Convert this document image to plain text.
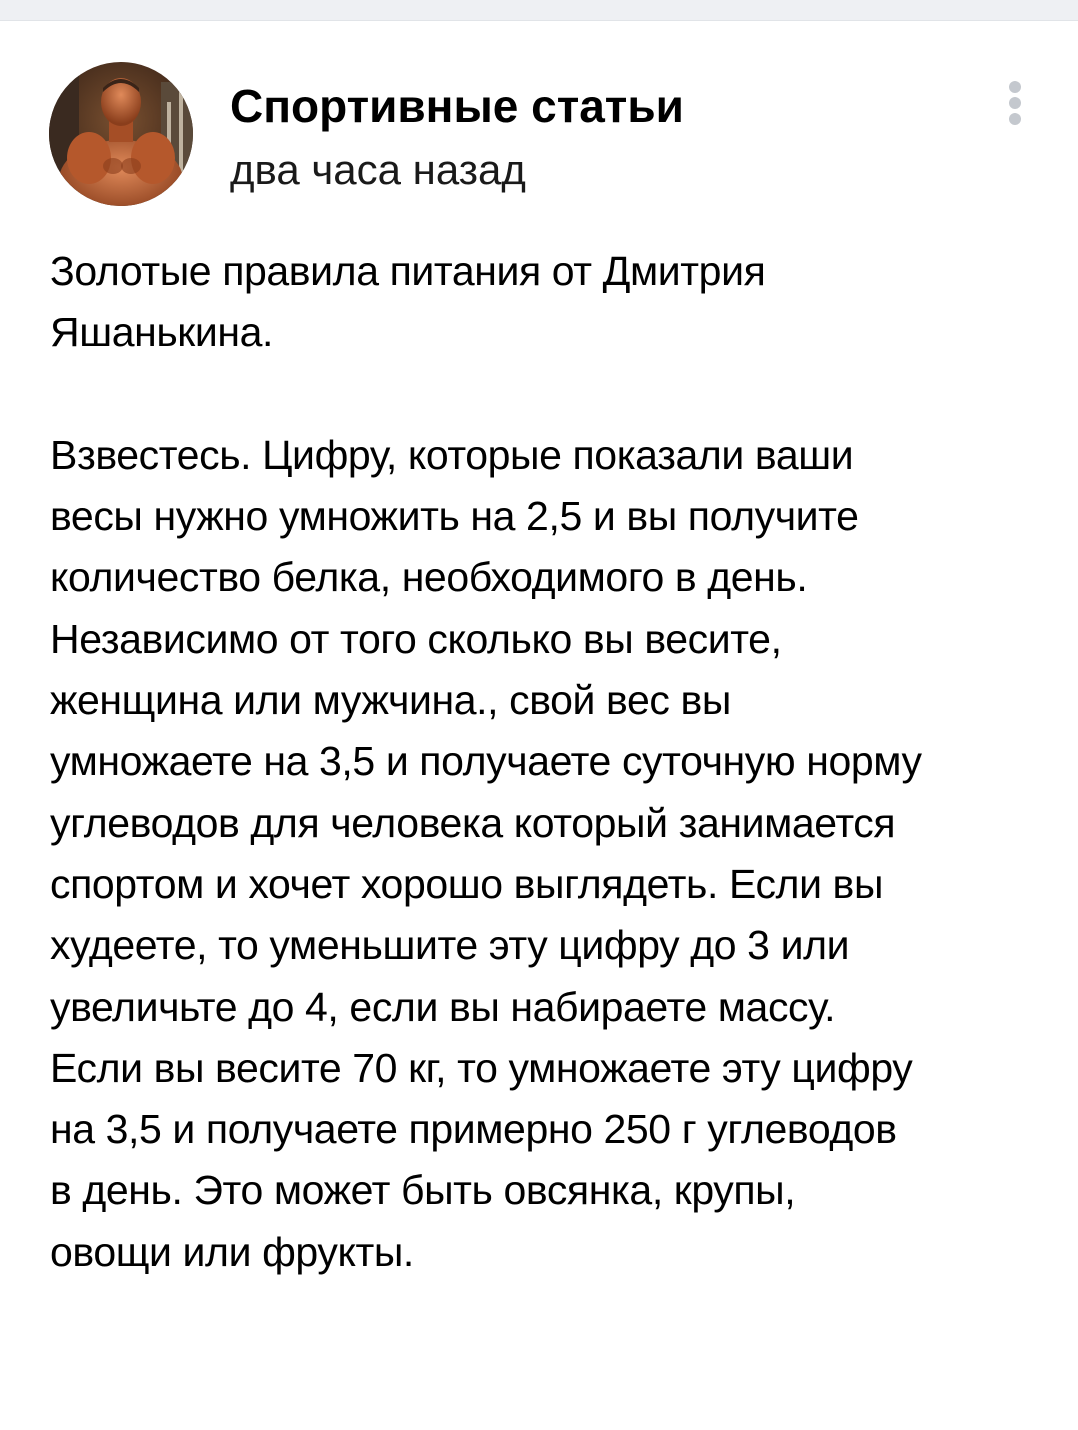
Спортивные статьи
два часа назад

Золотые правила питания от Дмитрия

Яшанькина.

Взвестесь. Цифру, которые показали ваши

весы нужно умножить на 2,5 и вы получите

количество белка, необходимого в день.

Независимо от того сколько вы весите,

женщина или мужчина., свой вес вы

умножаете на 3,5 и получаете суточную норму

углеводов для человека который занимается

спортом и хочет хорошо выглядеть. Если вы

худеете, то уменьшите эту цифру до 3 или

увеличьте до 4, если вы набираете массу.

Если вы весите 70 кг, то умножаете эту цифру

на 3,5 и получаете примерно 250 г углеводов

в день. Это может быть овсянка, крупы,

овощи или фрукты.
